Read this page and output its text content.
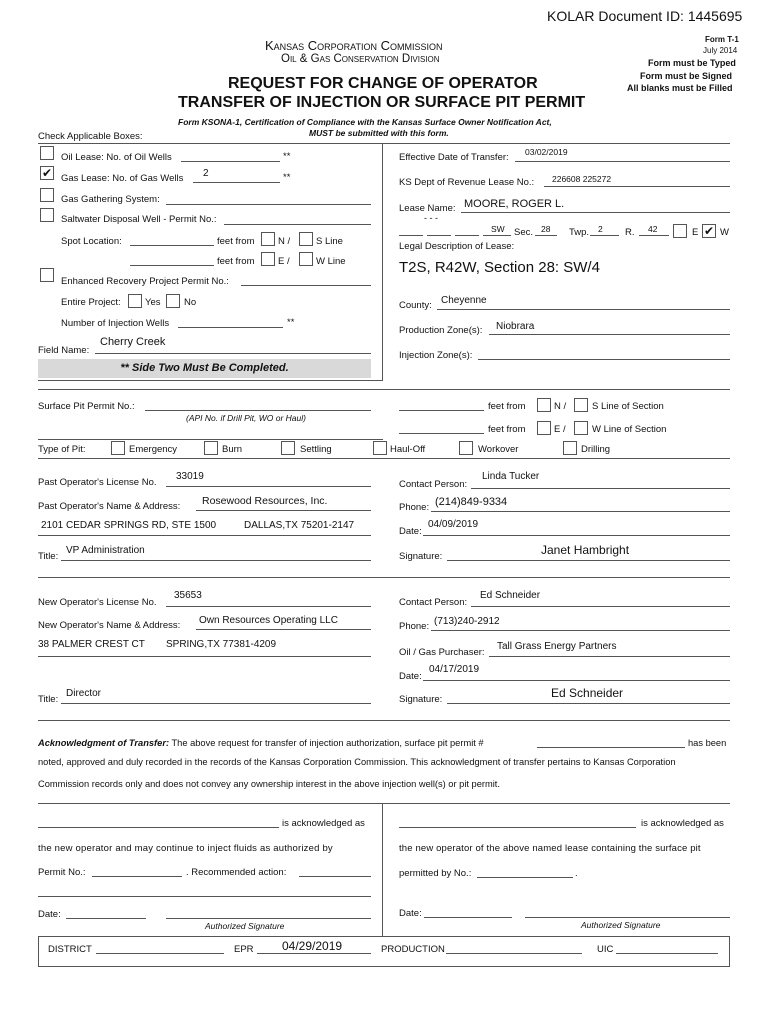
KOLAR Document ID: 1445695
Kansas Corporation Commission
Oil & Gas Conservation Division
Form T-1
July 2014
Form must be Typed
Form must be Signed
All blanks must be Filled
REQUEST FOR CHANGE OF OPERATOR
TRANSFER OF INJECTION OR SURFACE PIT PERMIT
Form KSONA-1, Certification of Compliance with the Kansas Surface Owner Notification Act,
MUST be submitted with this form.
Check Applicable Boxes:
Oil Lease: No. of Oil Wells	**
✔ Gas Lease: No. of Gas Wells 2	**
Gas Gathering System:
Saltwater Disposal Well - Permit No.:
Spot Location:	feet from N /	S Line
feet from E /	W Line
Enhanced Recovery Project Permit No.:
Entire Project:	Yes No
Number of Injection Wells	**
Field Name:
Cherry Creek
** Side Two Must Be Completed.
Effective Date of Transfer: 03/02/2019
KS Dept of Revenue Lease No.: 226608 225272
Lease Name: MOORE, ROGER L.
- - -
SW Sec. 28 Twp. 2 R. 42	E ✔ W
Legal Description of Lease:
T2S, R42W, Section 28: SW/4
County: Cheyenne
Production Zone(s): Niobrara
Injection Zone(s):
Surface Pit Permit No.:
(API No. if Drill Pit, WO or Haul)
feet from	N /	S Line of Section
feet from	E /	W Line of Section
Type of Pit:	Emergency	Burn	Settling	Haul-Off	Workover	Drilling
Past Operator's License No.
33019
Past Operator's Name & Address: Rosewood Resources, Inc.
2101 CEDAR SPRINGS RD, STE 1500	DALLAS,TX 75201-2147
Title:
VP Administration
Contact Person:
Linda Tucker
Phone: (214)849-9334
Date:
04/09/2019
Signature:	Janet Hambright
New Operator's License No.
35653
New Operator's Name & Address: Own Resources Operating LLC
38 PALMER CREST CT SPRING,TX 77381-4209
Title:
Director
Contact Person:
Ed Schneider
Phone: (713)240-2912
Oil / Gas Purchaser:
Tall Grass Energy Partners
Date:
04/17/2019
Signature:	Ed Schneider
Acknowledgment of Transfer: The above request for transfer of injection authorization, surface pit permit #	has been
noted, approved and duly recorded in the records of the Kansas Corporation Commission. This acknowledgment of transfer pertains to Kansas Corporation
Commission records only and does not convey any ownership interest in the above injection well(s) or pit permit.
is acknowledged as
the new operator and may continue to inject fluids as authorized by
Permit No.:	. Recommended action:
Date:
Authorized Signature
is acknowledged as
the new operator of the above named lease containing the surface pit
permitted by No.:	.
Date:
Authorized Signature
DISTRICT	EPR 04/29/2019	PRODUCTION	UIC
